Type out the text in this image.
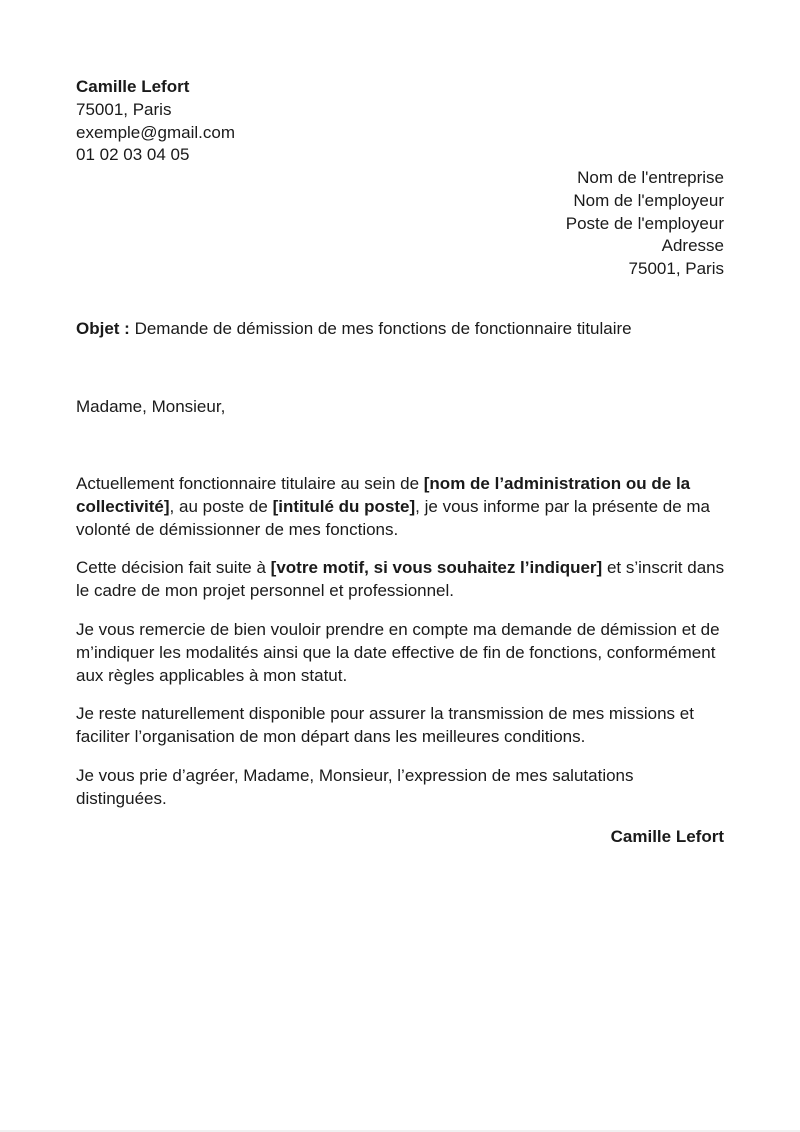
Camille Lefort
75001, Paris
exemple@gmail.com
01 02 03 04 05
Nom de l'entreprise
Nom de l'employeur
Poste de l'employeur
Adresse
75001, Paris
Objet : Demande de démission de mes fonctions de fonctionnaire titulaire
Madame, Monsieur,

Actuellement fonctionnaire titulaire au sein de [nom de l’administration ou de la collectivité], au poste de [intitulé du poste], je vous informe par la présente de ma volonté de démissionner de mes fonctions.

Cette décision fait suite à [votre motif, si vous souhaitez l’indiquer] et s’inscrit dans le cadre de mon projet personnel et professionnel.

Je vous remercie de bien vouloir prendre en compte ma demande de démission et de m’indiquer les modalités ainsi que la date effective de fin de fonctions, conformément aux règles applicables à mon statut.

Je reste naturellement disponible pour assurer la transmission de mes missions et faciliter l’organisation de mon départ dans les meilleures conditions.

Je vous prie d’agréer, Madame, Monsieur, l’expression de mes salutations distinguées.

Camille Lefort
